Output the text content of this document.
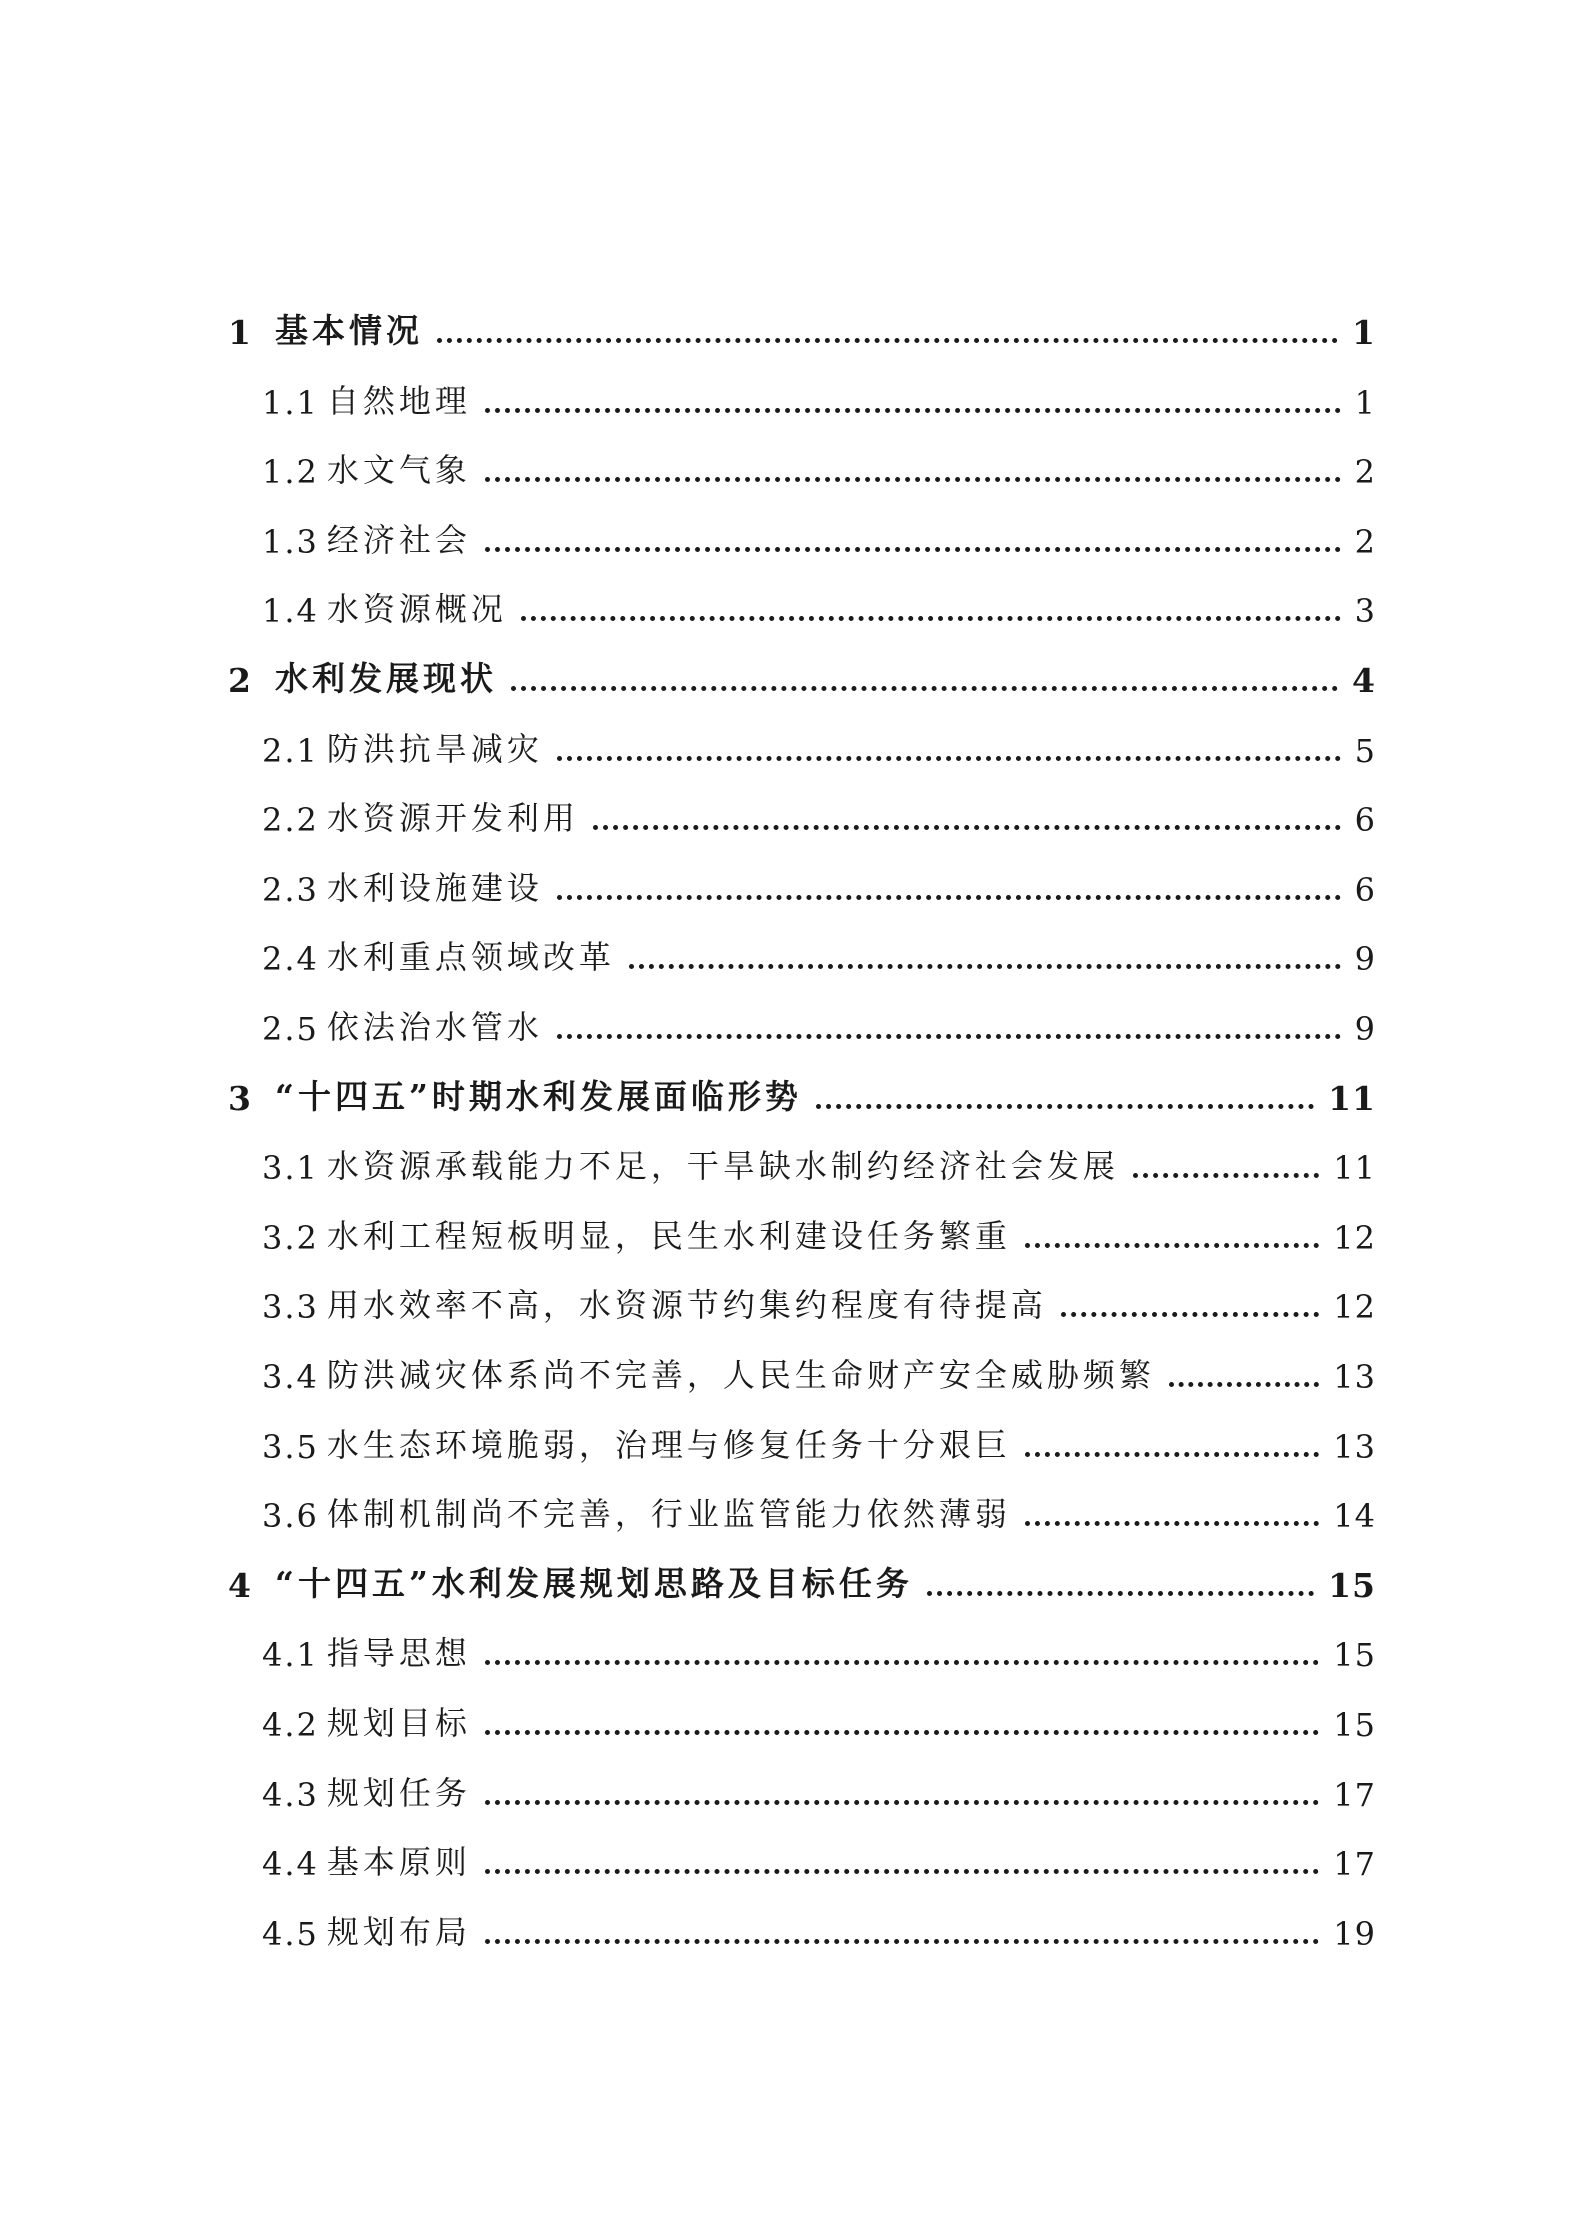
1 基本情况	1
1.1 自然地理	1
1.2 水文气象	2
1.3 经济社会	2
1.4 水资源概况	3
2 水利发展现状	4
2.1 防洪抗旱减灾	5
2.2 水资源开发利用	6
2.3 水利设施建设	6
2.4 水利重点领域改革	9
2.5 依法治水管水	9
3 “十四五”时期水利发展面临形势	11
3.1 水资源承载能力不足，干旱缺水制约经济社会发展	11
3.2 水利工程短板明显，民生水利建设任务繁重	12
3.3 用水效率不高，水资源节约集约程度有待提高	12
3.4 防洪减灾体系尚不完善，人民生命财产安全威胁频繁	13
3.5 水生态环境脆弱，治理与修复任务十分艰巨	13
3.6 体制机制尚不完善，行业监管能力依然薄弱	14
4 “十四五”水利发展规划思路及目标任务	15
4.1 指导思想	15
4.2 规划目标	15
4.3 规划任务	17
4.4 基本原则	17
4.5 规划布局	19
